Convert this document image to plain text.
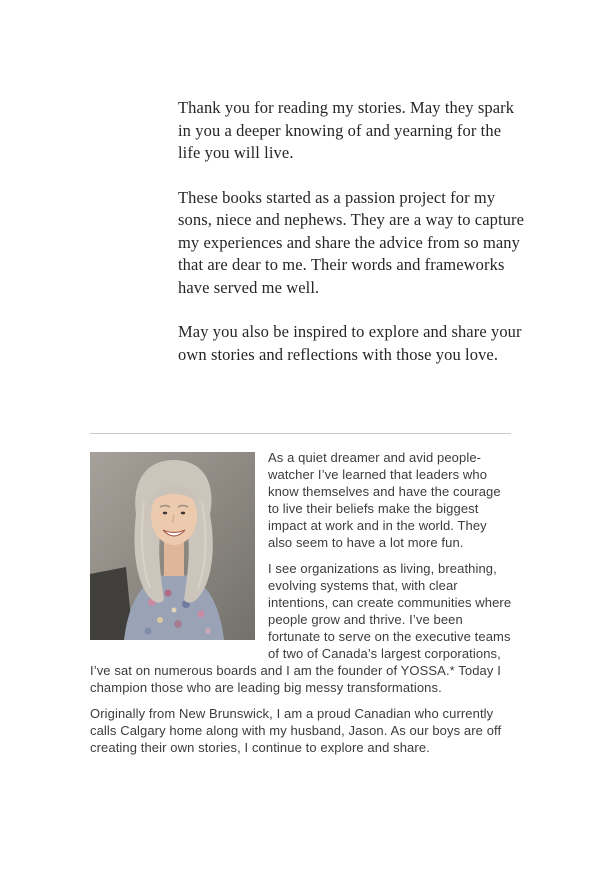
Thank you for reading my stories. May they spark in you a deeper knowing of and yearning for the life you will live.

These books started as a passion project for my sons, niece and nephews. They are a way to capture my experiences and share the advice from so many that are dear to me. Their words and frameworks have served me well.

May you also be inspired to explore and share your own stories and reflections with those you love.

As a quiet dreamer and avid people-watcher I’ve learned that leaders who know themselves and have the courage to live their beliefs make the biggest impact at work and in the world. They also seem to have a lot more fun.

I see organizations as living, breathing, evolving systems that, with clear intentions, can create communities where people grow and thrive. I’ve been fortunate to serve on the executive teams of two of Canada’s largest corporations, I’ve sat on numerous boards and I am the founder of YOSSA.* Today I champion those who are leading big messy transformations.

Originally from New Brunswick, I am a proud Canadian who currently calls Calgary home along with my husband, Jason. As our boys are off creating their own stories, I continue to explore and share.
